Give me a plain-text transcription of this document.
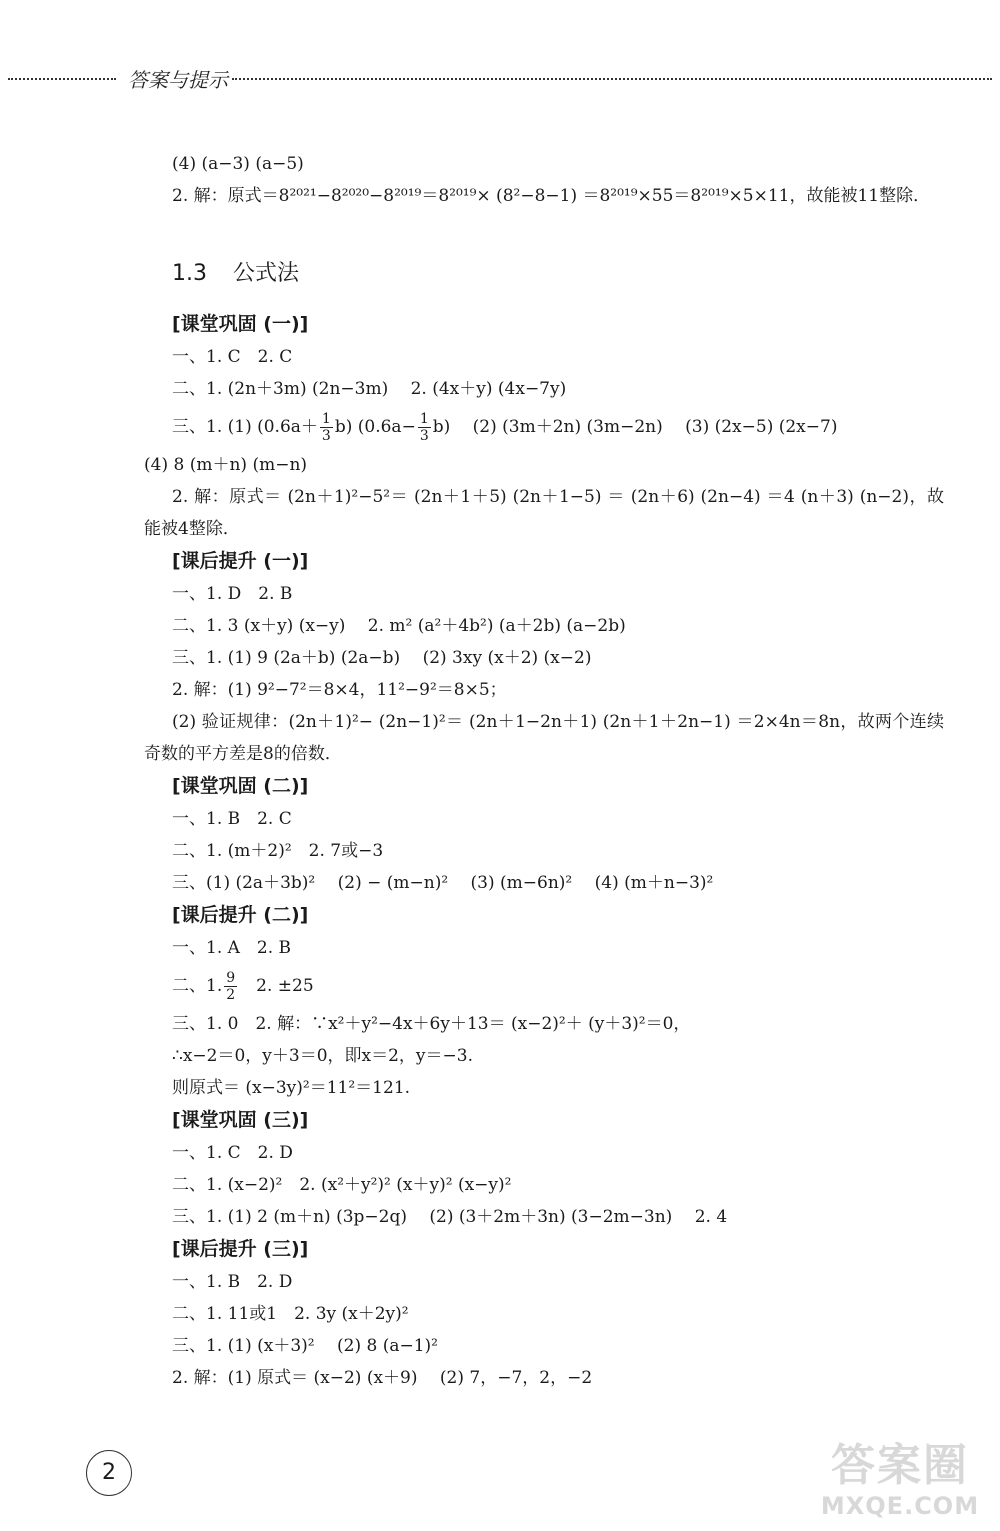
答案与提示
(4) (a−3) (a−5)
2. 解：原式＝8²⁰²¹−8²⁰²⁰−8²⁰¹⁹＝8²⁰¹⁹× (8²−8−1) ＝8²⁰¹⁹×55＝8²⁰¹⁹×5×11，故能被11整除．
1.3 公式法
[课堂巩固 (一)]
一、1. C　2. C
二、1. (2n＋3m) (2n−3m)　 2. (4x＋y) (4x−7y)
三、1. (1) $(0.6a+ \frac{1}{3} b)$ $(0.6a- \frac{1}{3} b)$　 (2) (3m＋2n) (3m−2n)　 (3) (2x−5) (2x−7)
(4) 8 (m＋n) (m−n)
2. 解：原式＝ (2n＋1)²−5²＝ (2n＋1＋5) (2n＋1−5) ＝ (2n＋6) (2n−4) ＝4 (n＋3) (n−2)，故能被4整除．
[课后提升 (一)]
一、1. D　2. B
二、1. 3 (x＋y) (x−y)　 2. m² (a²＋4b²) (a＋2b) (a−2b)
三、1. (1) 9 (2a＋b) (2a−b)　 (2) 3xy (x＋2) (x−2)
2. 解：(1) 9²−7²＝8×4，11²−9²＝8×5；
(2) 验证规律：(2n＋1)²− (2n−1)²＝ (2n＋1−2n＋1) (2n＋1＋2n−1) ＝2×4n＝8n，故两个连续奇数的平方差是8的倍数．
[课堂巩固 (二)]
一、1. B　2. C
二、1. (m＋2)²　2. 7或−3
三、(1) (2a＋3b)²　 (2) − (m−n)²　 (3) (m−6n)²　 (4) (m＋n−3)²
[课后提升 (二)]
一、1. A　2. B
二、1. $\frac{9}{2}$ 　2. ±25
三、1. 0　2. 解：∵x²＋y²−4x＋6y＋13＝ (x−2)²＋ (y＋3)²＝0，
∴x−2＝0，y＋3＝0，即x＝2，y＝−3.
则原式＝ (x−3y)²＝11²＝121.
[课堂巩固 (三)]
一、1. C　2. D
二、1. (x−2)²　2. (x²＋y²)² (x＋y)² (x−y)²
三、1. (1) 2 (m＋n) (3p−2q)　 (2) (3＋2m＋3n) (3−2m−3n)　 2. 4
[课后提升 (三)]
一、1. B　2. D
二、1. 11或1　2. 3y (x＋2y)²
三、1. (1) (x＋3)²　 (2) 8 (a−1)²
2. 解：(1) 原式＝ (x−2) (x＋9)　 (2) 7，−7，2，−2
2	答案圈
MXQE.COM
